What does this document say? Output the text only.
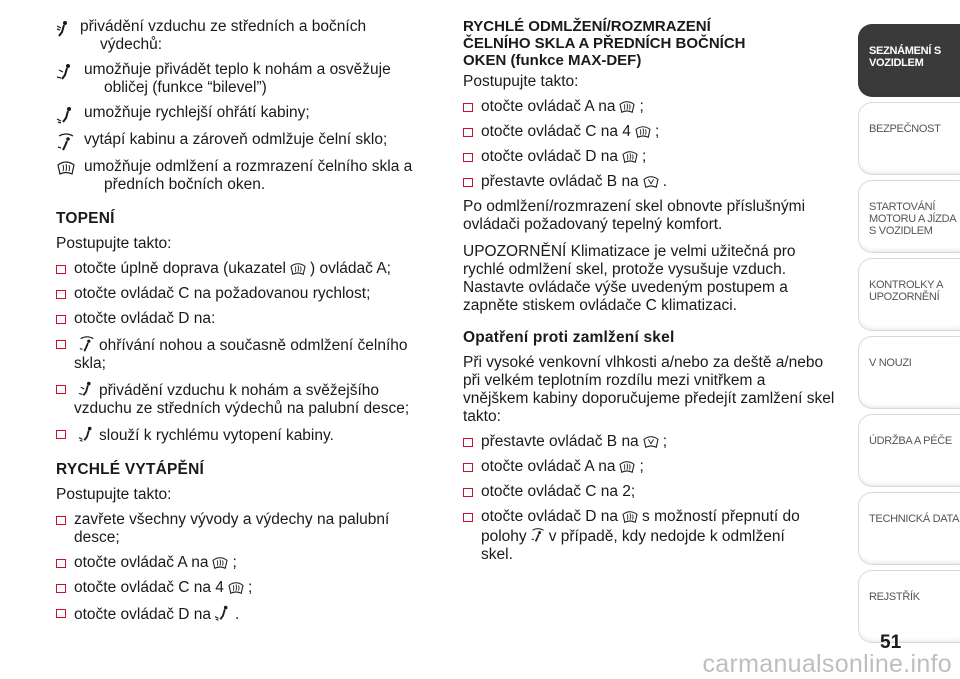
přivádění vzduchu ze středních a bočních
výdechů:
umožňuje přivádět teplo k nohám a osvěžuje
obličej (funkce “bilevel”)
umožňuje rychlejší ohřátí kabiny;
vytápí kabinu a zároveň odmlžuje čelní sklo;
umožňuje odmlžení a rozmrazení čelního skla a
předních bočních oken.
TOPENÍ
Postupujte takto:
otočte úplně doprava (ukazatel ) ovládač A;
otočte ovládač C na požadovanou rychlost;
otočte ovládač D na:
ohřívání nohou a současně odmlžení čelního
skla;
přivádění vzduchu k nohám a svěžejšího
vzduchu ze středních výdechů na palubní desce;
slouží k rychlému vytopení kabiny.
RYCHLÉ VYTÁPĚNÍ
Postupujte takto:
zavřete všechny vývody a výdechy na palubní
desce;
otočte ovládač A na ;
otočte ovládač C na 4 ;
otočte ovládač D na .
RYCHLÉ ODMLŽENÍ/ROZMRAZENÍ
ČELNÍHO SKLA A PŘEDNÍCH BOČNÍCH
OKEN (funkce MAX-DEF)
Postupujte takto:
otočte ovládač A na ;
otočte ovládač C na 4 ;
otočte ovládač D na ;
přestavte ovládač B na .
Po odmlžení/rozmrazení skel obnovte příslušnými
ovládači požadovaný tepelný komfort.
UPOZORNĚNÍ Klimatizace je velmi užitečná pro
rychlé odmlžení skel, protože vysušuje vzduch.
Nastavte ovládače výše uvedeným postupem a
zapněte stiskem ovládače C klimatizaci.
Opatření proti zamlžení skel
Při vysoké venkovní vlhkosti a/nebo za deště a/nebo
při velkém teplotním rozdílu mezi vnitřkem a
vnějškem kabiny doporučujeme předejít zamlžení skel
takto:
přestavte ovládač B na ;
otočte ovládač A na ;
otočte ovládač C na 2;
otočte ovládač D na s možností přepnutí do
polohy v případě, kdy nedojde k odmlžení
skel.
SEZNÁMENÍ S VOZIDLEM
BEZPEČNOST
STARTOVÁNÍ MOTORU A JÍZDA S VOZIDLEM
KONTROLKY A UPOZORNĚNÍ
V NOUZI
ÚDRŽBA A PÉČE
TECHNICKÁ DATA
REJSTŘÍK
51
carmanualsonline.info
